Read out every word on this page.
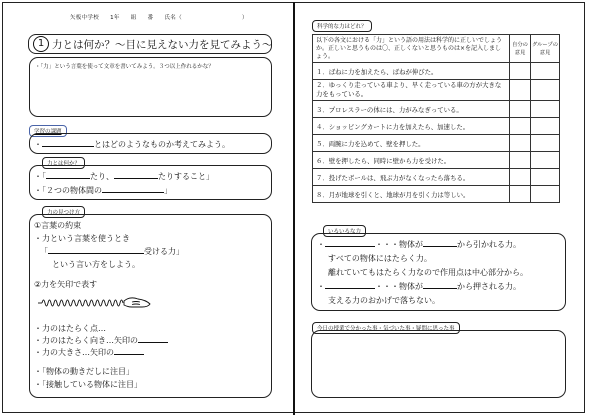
矢板中学校 1年 組 番 氏名（	）
1 力とは何か？～目に見えない力を見てみよう～
・「力」という言葉を使って文章を書いてみよう。３つ以上作れるかな？
学習の課題
・	とはどのようなものか考えてみよう。
力とは何か？
・「	たり、	たりすること」
・「２つの物体間の	」
力の見つけ方
①言葉の約束
・力という言葉を使うとき
「	受ける力」
という言い方をしよう。
②力を矢印で表す
・力のはたらく点…
・力のはたらく向き…矢印の
・力の大きさ…矢印の
・「物体の動きだしに注目」
・「接触している物体に注目」
科学的な力はどれ？
以下の各文における「力」という語の用法は科学的に正しいでしょうか。正しいと思うものは〇、正しくないと思うものは×を記入しましょう。	自分の意見	グループの意見
１．ばねに力を加えたら、ばねが伸びた。		
２．ゆっくり走っている車より、早く走っている車の方が大きな力をもっている。		
３．プロレスラーの体には、力がみなぎっている。		
４．ショッピングカートに力を加えたら、加速した。		
５．両腕に力を込めて、壁を押した。		
６．壁を押したら、同時に壁から力を受けた。		
７．投げたボールは、飛ぶ力がなくなったら落ちる。		
８．月が地球を引くと、地球が月を引く力は等しい。		
いろいろな力
・	・・・物体が	から引かれる力。
すべての物体にはたらく力。
離れていてもはたらく力なので作用点は中心部分から。
・	・・・物体が	から押される力。
支える力のおかげで落ちない。
今日の授業で分かった事・気づいた事・疑問に思った事
